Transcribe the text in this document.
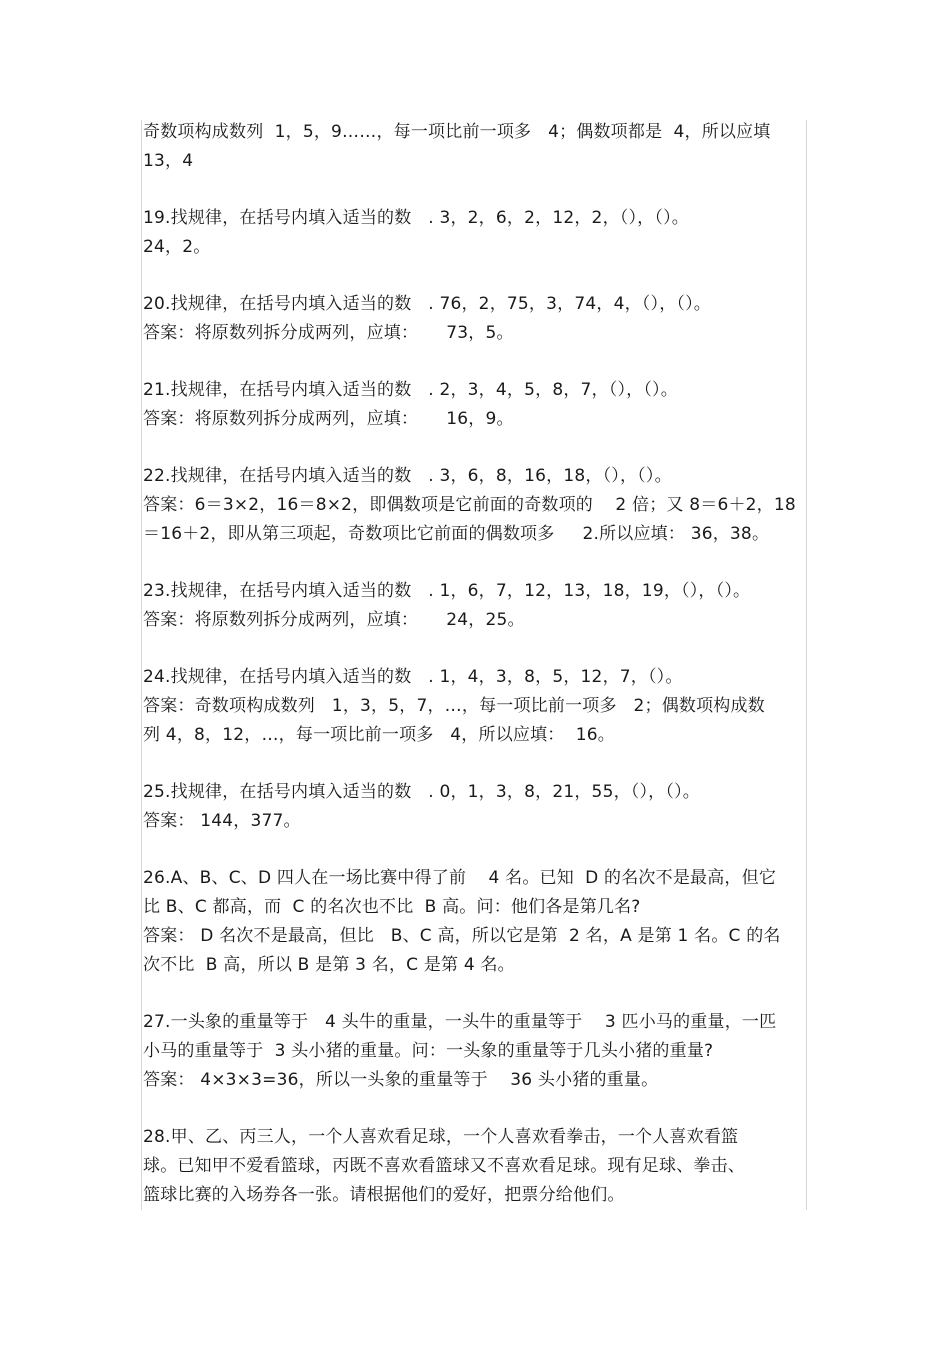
奇数项构成数列  1，5，9……，每一项比前一项多   4；偶数项都是  4，所以应填
13，4
19.找规律，在括号内填入适当的数   . 3，2，6，2，12，2，（），（）。
24，2。
20.找规律，在括号内填入适当的数   . 76，2，75，3，74，4，（），（）。
答案：将原数列拆分成两列，应填：     73，5。
21.找规律，在括号内填入适当的数   . 2，3，4，5，8，7，（），（）。
答案：将原数列拆分成两列，应填：     16，9。
22.找规律，在括号内填入适当的数   . 3，6，8，16，18，（），（）。
答案：6＝3×2，16＝8×2，即偶数项是它前面的奇数项的    2 倍；又 8＝6＋2，18
＝16＋2，即从第三项起，奇数项比它前面的偶数项多     2.所以应填： 36，38。
23.找规律，在括号内填入适当的数   . 1，6，7，12，13，18，19，（），（）。
答案：将原数列拆分成两列，应填：     24，25。
24.找规律，在括号内填入适当的数   . 1，4，3，8，5，12，7，（）。
答案：奇数项构成数列   1，3，5，7，…，每一项比前一项多   2；偶数项构成数
列 4，8，12，…，每一项比前一项多   4，所以应填：  16。
25.找规律，在括号内填入适当的数   . 0，1，3，8，21，55，（），（）。
答案： 144，377。
26.A、B、C、D 四人在一场比赛中得了前    4 名。已知  D 的名次不是最高，但它
比 B、C 都高，而  C 的名次也不比  B 高。问：他们各是第几名?
答案： D 名次不是最高，但比   B、C 高，所以它是第  2 名，A 是第 1 名。C 的名
次不比  B 高，所以 B 是第 3 名，C 是第 4 名。
27.一头象的重量等于   4 头牛的重量，一头牛的重量等于    3 匹小马的重量，一匹
小马的重量等于  3 头小猪的重量。问：一头象的重量等于几头小猪的重量?
答案： 4×3×3=36，所以一头象的重量等于    36 头小猪的重量。
28.甲、乙、丙三人，一个人喜欢看足球，一个人喜欢看拳击，一个人喜欢看篮
球。已知甲不爱看篮球，丙既不喜欢看篮球又不喜欢看足球。现有足球、拳击、
篮球比赛的入场券各一张。请根据他们的爱好，把票分给他们。
